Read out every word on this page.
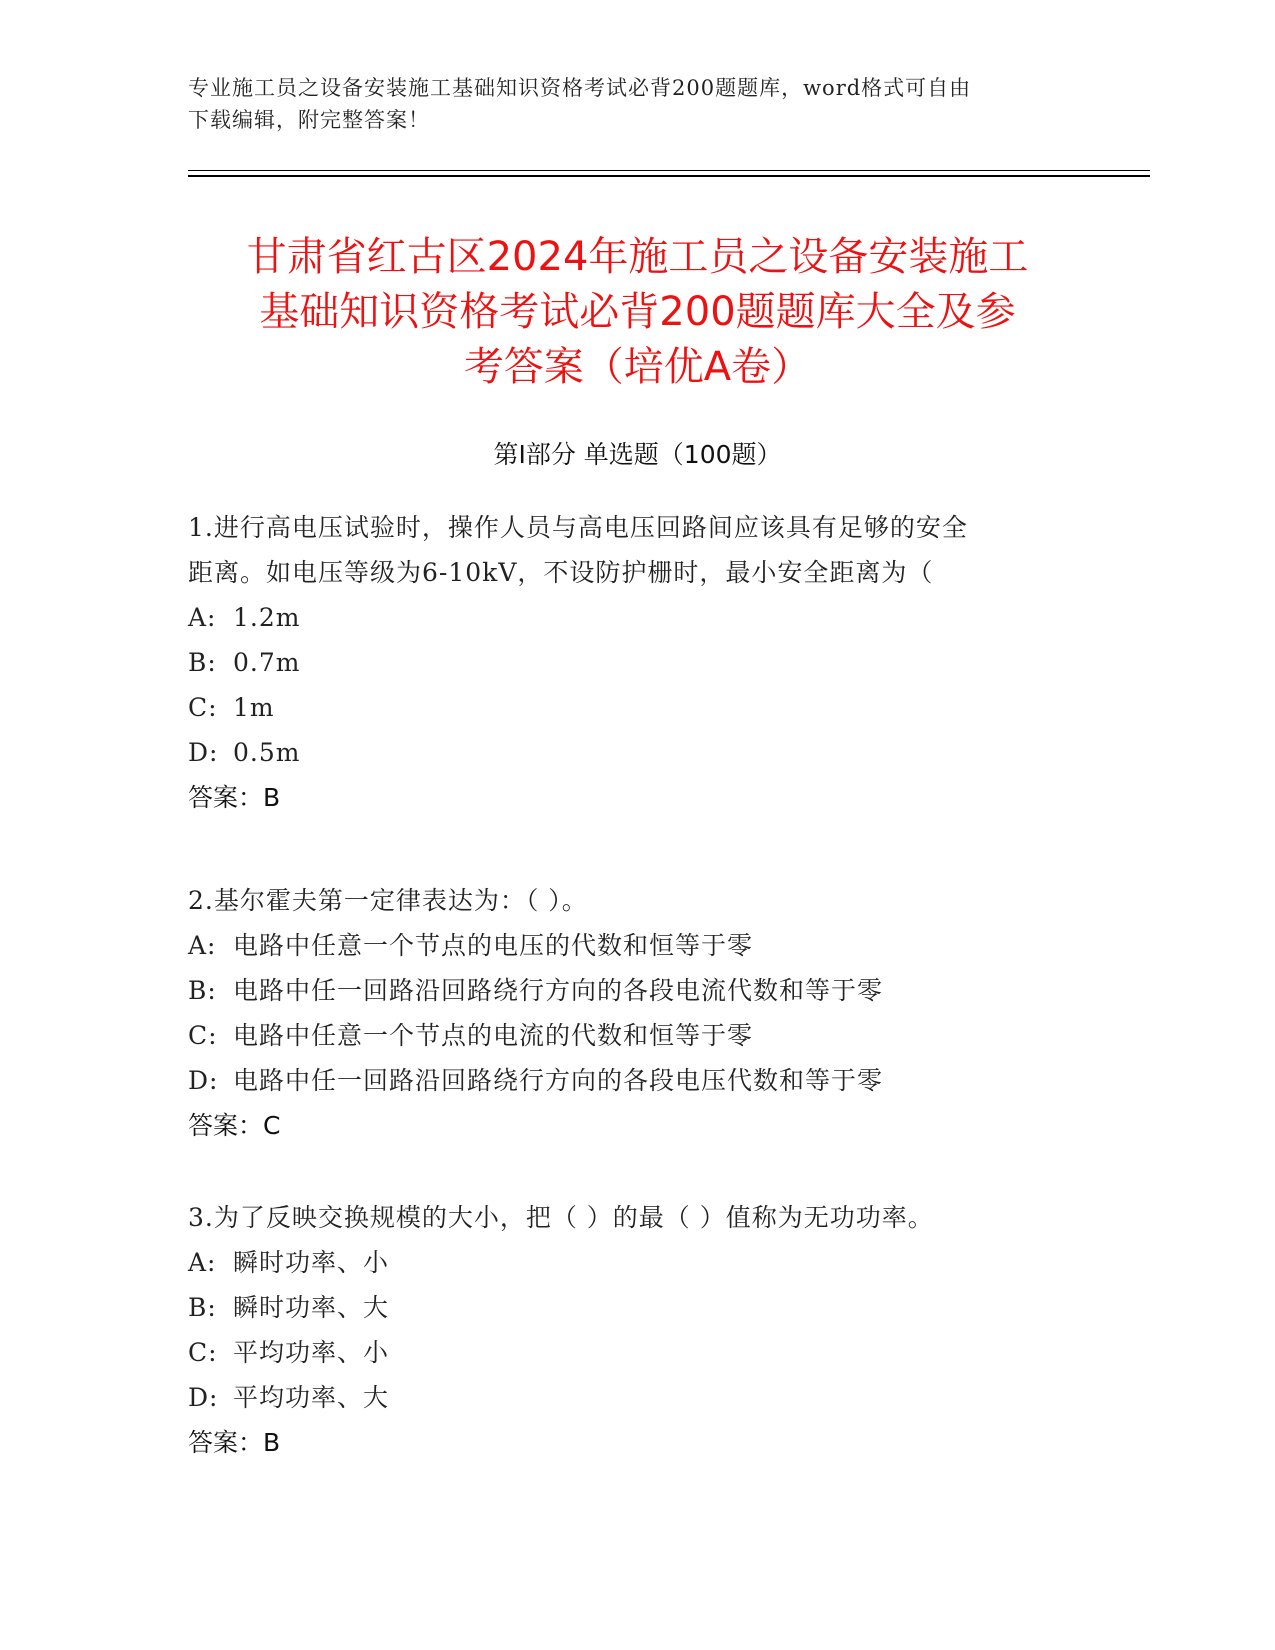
专业施工员之设备安装施工基础知识资格考试必背200题题库，word格式可自由
下载编辑，附完整答案！
甘肃省红古区2024年施工员之设备安装施工
基础知识资格考试必背200题题库大全及参
考答案（培优A卷）
第Ⅰ部分 单选题（100题）
1.进行高电压试验时，操作人员与高电压回路间应该具有足够的安全
距离。如电压等级为6-10kV，不设防护栅时，最小安全距离为（
A: 1.2m
B: 0.7m
C: 1m
D: 0.5m
答案：B
2.基尔霍夫第一定律表达为：（ ）。
A: 电路中任意一个节点的电压的代数和恒等于零
B: 电路中任一回路沿回路绕行方向的各段电流代数和等于零
C: 电路中任意一个节点的电流的代数和恒等于零
D: 电路中任一回路沿回路绕行方向的各段电压代数和等于零
答案：C
3.为了反映交换规模的大小，把（ ）的最（ ）值称为无功功率。
A: 瞬时功率、小
B: 瞬时功率、大
C: 平均功率、小
D: 平均功率、大
答案：B
